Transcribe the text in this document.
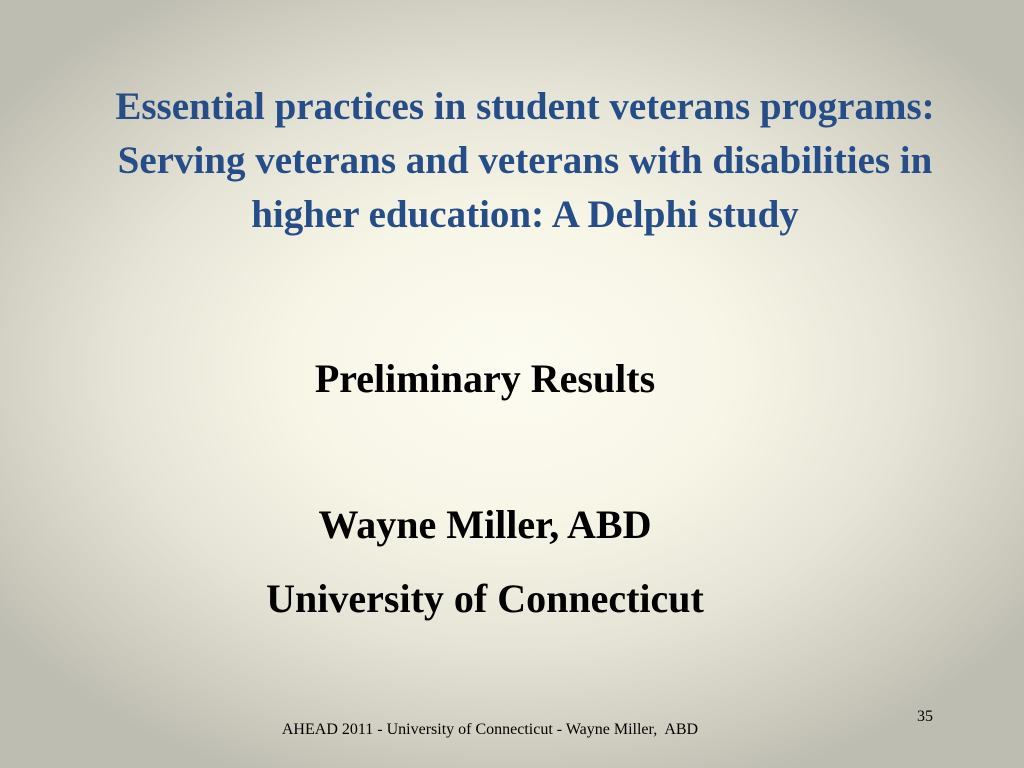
Essential practices in student veterans programs: Serving veterans and veterans with disabilities in higher education: A Delphi study

Preliminary Results

Wayne Miller, ABD

University of Connecticut

AHEAD 2011 - University of Connecticut - Wayne Miller,  ABD
35
